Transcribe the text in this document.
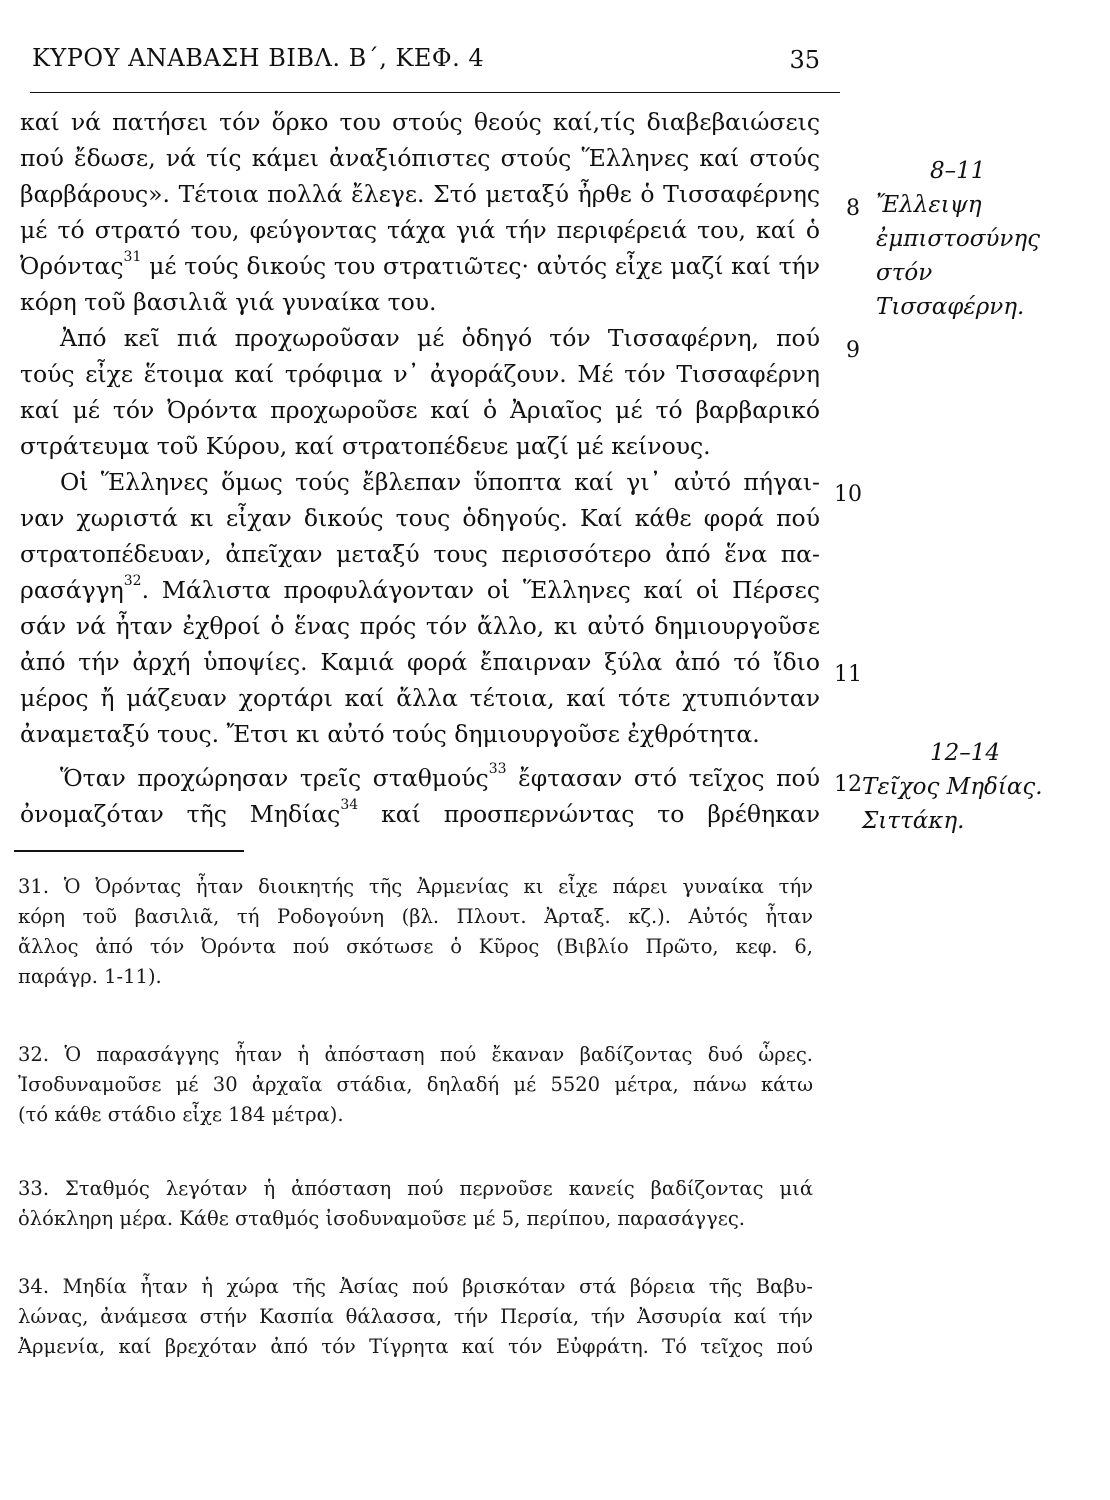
ΚΥΡΟΥ ΑΝΑΒΑΣΗ ΒΙΒΛ. Β΄, ΚΕΦ. 4	35
καί νά πατήσει τόν ὅρκο του στούς θεούς καί,τίς διαβεβαιώσεις
πού ἔδωσε, νά τίς κάμει ἀναξιόπιστες στούς Ἕλληνες καί στούς
βαρβάρους». Τέτοια πολλά ἔλεγε. Στό μεταξύ ἦρθε ὁ Τισσαφέρνης
μέ τό στρατό του, φεύγοντας τάχα γιά τήν περιφέρειά του, καί ὁ
Ὀρόντας$^{31}$ μέ τούς δικούς του στρατιῶτες· αὐτός εἶχε μαζί καί τήν
κόρη τοῦ βασιλιᾶ γιά γυναίκα του.
Ἀπό κεῖ πιά προχωροῦσαν μέ ὁδηγό τόν Τισσαφέρνη, πού
τούς εἶχε ἕτοιμα καί τρόφιμα ν᾽ ἀγοράζουν. Μέ τόν Τισσαφέρνη
καί μέ τόν Ὀρόντα προχωροῦσε καί ὁ Ἀριαῖος μέ τό βαρβαρικό
στράτευμα τοῦ Κύρου, καί στρατοπέδευε μαζί μέ κείνους.
Οἱ Ἕλληνες ὅμως τούς ἔβλεπαν ὕποπτα καί γι᾽ αὐτό πήγαι-
ναν χωριστά κι εἶχαν δικούς τους ὁδηγούς. Καί κάθε φορά πού
στρατοπέδευαν, ἀπεῖχαν μεταξύ τους περισσότερο ἀπό ἕνα πα-
ρασάγγη$^{32}$. Μάλιστα προφυλάγονταν οἱ Ἕλληνες καί οἱ Πέρσες
σάν νά ἦταν ἐχθροί ὁ ἕνας πρός τόν ἄλλο, κι αὐτό δημιουργοῦσε
ἀπό τήν ἀρχή ὑποψίες. Καμιά φορά ἔπαιρναν ξύλα ἀπό τό ἴδιο
μέρος ἤ μάζευαν χορτάρι καί ἄλλα τέτοια, καί τότε χτυπιόνταν
ἀναμεταξύ τους. Ἔτσι κι αὐτό τούς δημιουργοῦσε ἐχθρότητα.
Ὅταν προχώρησαν τρεῖς σταθμούς$^{33}$ ἔφτασαν στό τεῖχος πού
ὀνομαζόταν τῆς Μηδίας$^{34}$ καί προσπερνώντας το βρέθηκαν
8
9
10
11
12
8–11
Ἔλλειψη
ἐμπιστοσύνης
στόν
Τισσαφέρνη.
12–14
Τεῖχος Μηδίας.
Σιττάκη.
31. Ὁ Ὀρόντας ἦταν διοικητής τῆς Ἀρμενίας κι εἶχε πάρει γυναίκα τήν
κόρη τοῦ βασιλιᾶ, τή Ροδογούνη (βλ. Πλουτ. Ἀρταξ. κζ.). Αὐτός ἦταν
ἄλλος ἀπό τόν Ὀρόντα πού σκότωσε ὁ Κῦρος (Βιβλίο Πρῶτο, κεφ. 6,
παράγρ. 1-11).
32. Ὁ παρασάγγης ἦταν ἡ ἀπόσταση πού ἔκαναν βαδίζοντας δυό ὧρες.
Ἰσοδυναμοῦσε μέ 30 ἀρχαῖα στάδια, δηλαδή μέ 5520 μέτρα, πάνω κάτω
(τό κάθε στάδιο εἶχε 184 μέτρα).
33. Σταθμός λεγόταν ἡ ἀπόσταση πού περνοῦσε κανείς βαδίζοντας μιά
ὁλόκληρη μέρα. Κάθε σταθμός ἰσοδυναμοῦσε μέ 5, περίπου, παρασάγγες.
34. Μηδία ἦταν ἡ χώρα τῆς Ἀσίας πού βρισκόταν στά βόρεια τῆς Βαβυ-
λώνας, ἀνάμεσα στήν Κασπία θάλασσα, τήν Περσία, τήν Ἀσσυρία καί τήν
Ἀρμενία, καί βρεχόταν ἀπό τόν Τίγρητα καί τόν Εὐφράτη. Τό τεῖχος πού
